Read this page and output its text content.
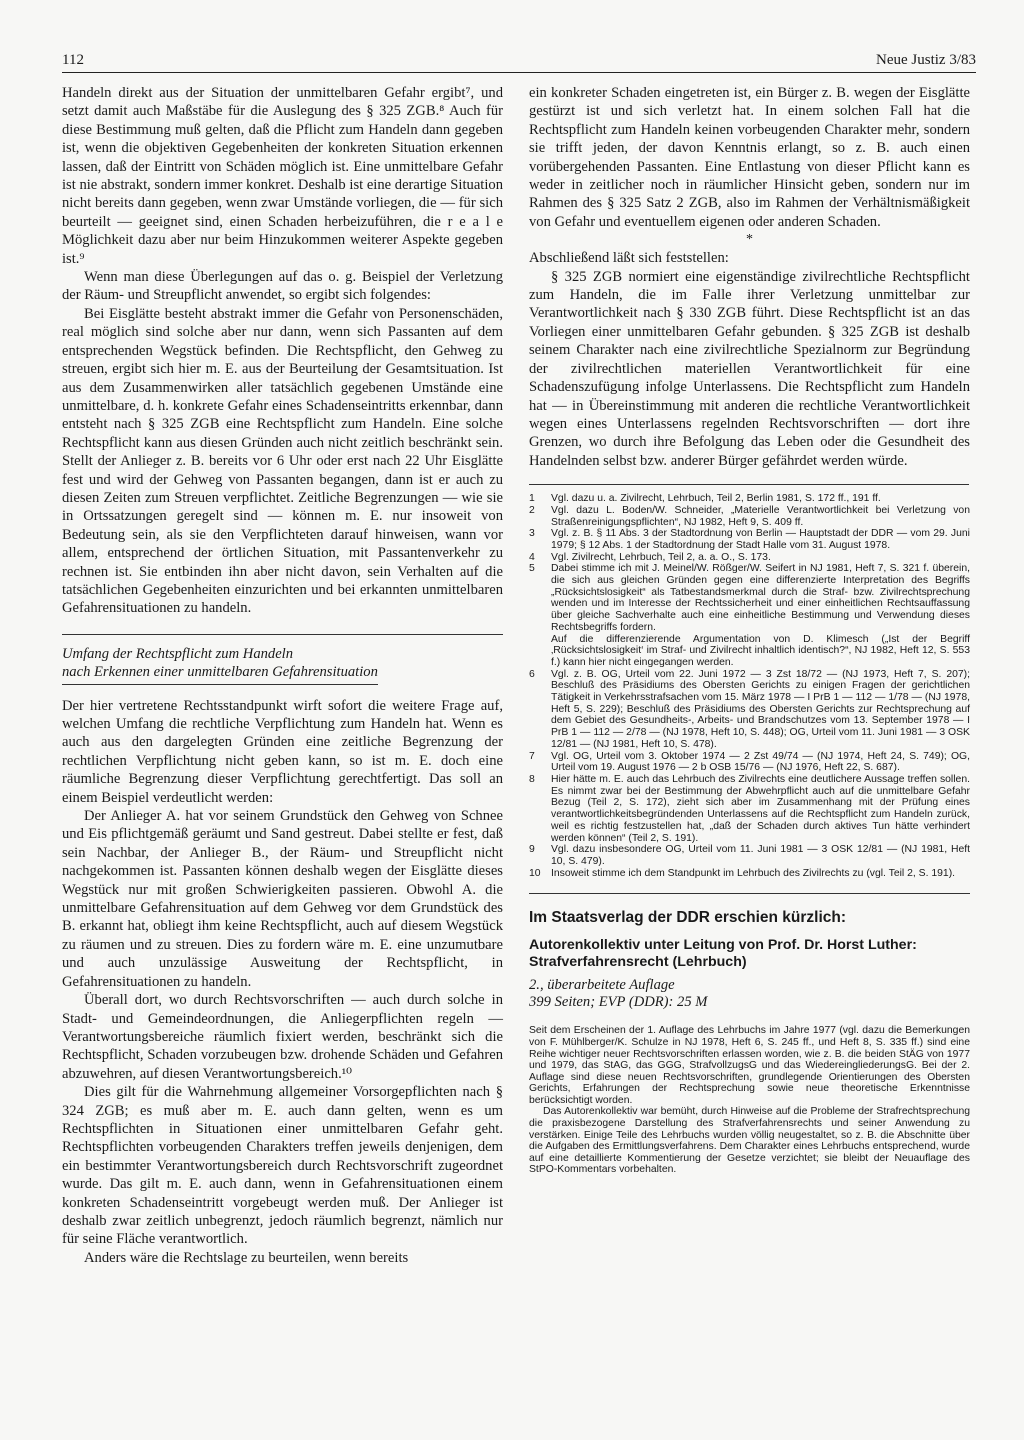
112	Neue Justiz 3/83

Handeln direkt aus der Situation der unmittelbaren Gefahr ergibt⁷, und setzt damit auch Maßstäbe für die Auslegung des § 325 ZGB.⁸ Auch für diese Bestimmung muß gelten, daß die Pflicht zum Handeln dann gegeben ist, wenn die objektiven Gegebenheiten der konkreten Situation erkennen lassen, daß der Eintritt von Schäden möglich ist. Eine unmittelbare Gefahr ist nie abstrakt, sondern immer konkret. Deshalb ist eine derartige Situation nicht bereits dann gegeben, wenn zwar Umstände vorliegen, die — für sich beurteilt — geeignet sind, einen Schaden herbeizuführen, die r e a l e Möglichkeit dazu aber nur beim Hinzukommen weiterer Aspekte gegeben ist.⁹

Wenn man diese Überlegungen auf das o. g. Beispiel der Verletzung der Räum- und Streupflicht anwendet, so ergibt sich folgendes:

Bei Eisglätte besteht abstrakt immer die Gefahr von Personenschäden, real möglich sind solche aber nur dann, wenn sich Passanten auf dem entsprechenden Wegstück befinden. Die Rechtspflicht, den Gehweg zu streuen, ergibt sich hier m. E. aus der Beurteilung der Gesamtsituation. Ist aus dem Zusammenwirken aller tatsächlich gegebenen Umstände eine unmittelbare, d. h. konkrete Gefahr eines Schadenseintritts erkennbar, dann entsteht nach § 325 ZGB eine Rechtspflicht zum Handeln. Eine solche Rechtspflicht kann aus diesen Gründen auch nicht zeitlich beschränkt sein. Stellt der Anlieger z. B. bereits vor 6 Uhr oder erst nach 22 Uhr Eisglätte fest und wird der Gehweg von Passanten begangen, dann ist er auch zu diesen Zeiten zum Streuen verpflichtet. Zeitliche Begrenzungen — wie sie in Ortssatzungen geregelt sind — können m. E. nur insoweit von Bedeutung sein, als sie den Verpflichteten darauf hinweisen, wann vor allem, entsprechend der örtlichen Situation, mit Passantenverkehr zu rechnen ist. Sie entbinden ihn aber nicht davon, sein Verhalten auf die tatsächlichen Gegebenheiten einzurichten und bei erkannten unmittelbaren Gefahrensituationen zu handeln.

Umfang der Rechtspflicht zum Handeln
nach Erkennen einer unmittelbaren Gefahrensituation

Der hier vertretene Rechtsstandpunkt wirft sofort die weitere Frage auf, welchen Umfang die rechtliche Verpflichtung zum Handeln hat. Wenn es auch aus den dargelegten Gründen eine zeitliche Begrenzung der rechtlichen Verpflichtung nicht geben kann, so ist m. E. doch eine räumliche Begrenzung dieser Verpflichtung gerechtfertigt. Das soll an einem Beispiel verdeutlicht werden:

Der Anlieger A. hat vor seinem Grundstück den Gehweg von Schnee und Eis pflichtgemäß geräumt und Sand gestreut. Dabei stellte er fest, daß sein Nachbar, der Anlieger B., der Räum- und Streupflicht nicht nachgekommen ist. Passanten können deshalb wegen der Eisglätte dieses Wegstück nur mit großen Schwierigkeiten passieren. Obwohl A. die unmittelbare Gefahrensituation auf dem Gehweg vor dem Grundstück des B. erkannt hat, obliegt ihm keine Rechtspflicht, auch auf diesem Wegstück zu räumen und zu streuen. Dies zu fordern wäre m. E. eine unzumutbare und auch unzulässige Ausweitung der Rechtspflicht, in Gefahrensituationen zu handeln.

Überall dort, wo durch Rechtsvorschriften — auch durch solche in Stadt- und Gemeindeordnungen, die Anliegerpflichten regeln — Verantwortungsbereiche räumlich fixiert werden, beschränkt sich die Rechtspflicht, Schaden vorzubeugen bzw. drohende Schäden und Gefahren abzuwehren, auf diesen Verantwortungsbereich.¹⁰

Dies gilt für die Wahrnehmung allgemeiner Vorsorgepflichten nach § 324 ZGB; es muß aber m. E. auch dann gelten, wenn es um Rechtspflichten in Situationen einer unmittelbaren Gefahr geht. Rechtspflichten vorbeugenden Charakters treffen jeweils denjenigen, dem ein bestimmter Verantwortungsbereich durch Rechtsvorschrift zugeordnet wurde. Das gilt m. E. auch dann, wenn in Gefahrensituationen einem konkreten Schadenseintritt vorgebeugt werden muß. Der Anlieger ist deshalb zwar zeitlich unbegrenzt, jedoch räumlich begrenzt, nämlich nur für seine Fläche verantwortlich.

Anders wäre die Rechtslage zu beurteilen, wenn bereits

ein konkreter Schaden eingetreten ist, ein Bürger z. B. wegen der Eisglätte gestürzt ist und sich verletzt hat. In einem solchen Fall hat die Rechtspflicht zum Handeln keinen vorbeugenden Charakter mehr, sondern sie trifft jeden, der davon Kenntnis erlangt, so z. B. auch einen vorübergehenden Passanten. Eine Entlastung von dieser Pflicht kann es weder in zeitlicher noch in räumlicher Hinsicht geben, sondern nur im Rahmen des § 325 Satz 2 ZGB, also im Rahmen der Verhältnismäßigkeit von Gefahr und eventuellem eigenen oder anderen Schaden.

*
Abschließend läßt sich feststellen:

§ 325 ZGB normiert eine eigenständige zivilrechtliche Rechtspflicht zum Handeln, die im Falle ihrer Verletzung unmittelbar zur Verantwortlichkeit nach § 330 ZGB führt. Diese Rechtspflicht ist an das Vorliegen einer unmittelbaren Gefahr gebunden. § 325 ZGB ist deshalb seinem Charakter nach eine zivilrechtliche Spezialnorm zur Begründung der zivilrechtlichen materiellen Verantwortlichkeit für eine Schadenszufügung infolge Unterlassens. Die Rechtspflicht zum Handeln hat — in Übereinstimmung mit anderen die rechtliche Verantwortlichkeit wegen eines Unterlassens regelnden Rechtsvorschriften — dort ihre Grenzen, wo durch ihre Befolgung das Leben oder die Gesundheit des Handelnden selbst bzw. anderer Bürger gefährdet werden würde.

1	Vgl. dazu u. a. Zivilrecht, Lehrbuch, Teil 2, Berlin 1981, S. 172 ff., 191 ff.
2	Vgl. dazu L. Boden/W. Schneider, „Materielle Verantwortlichkeit bei Verletzung von Straßenreinigungspflichten“, NJ 1982, Heft 9, S. 409 ff.
3	Vgl. z. B. § 11 Abs. 3 der Stadtordnung von Berlin — Hauptstadt der DDR — vom 29. Juni 1979; § 12 Abs. 1 der Stadtordnung der Stadt Halle vom 31. August 1978.
4	Vgl. Zivilrecht, Lehrbuch, Teil 2, a. a. O., S. 173.
5	Dabei stimme ich mit J. Meinel/W. Rößger/W. Seifert in NJ 1981, Heft 7, S. 321 f. überein, die sich aus gleichen Gründen gegen eine differenzierte Interpretation des Begriffs „Rücksichtslosigkeit“ als Tatbestandsmerkmal durch die Straf- bzw. Zivilrechtsprechung wenden und im Interesse der Rechtssicherheit und einer einheitlichen Rechtsauffassung über gleiche Sachverhalte auch eine einheitliche Bestimmung und Verwendung dieses Rechtsbegriffs fordern.
Auf die differenzierende Argumentation von D. Klimesch („Ist der Begriff ‚Rücksichtslosigkeit‘ im Straf- und Zivilrecht inhaltlich identisch?“, NJ 1982, Heft 12, S. 553 f.) kann hier nicht eingegangen werden.
6	Vgl. z. B. OG, Urteil vom 22. Juni 1972 — 3 Zst 18/72 — (NJ 1973, Heft 7, S. 207); Beschluß des Präsidiums des Obersten Gerichts zu einigen Fragen der gerichtlichen Tätigkeit in Verkehrsstrafsachen vom 15. März 1978 — I PrB 1 — 112 — 1/78 — (NJ 1978, Heft 5, S. 229); Beschluß des Präsidiums des Obersten Gerichts zur Rechtsprechung auf dem Gebiet des Gesundheits-, Arbeits- und Brandschutzes vom 13. September 1978 — I PrB 1 — 112 — 2/78 — (NJ 1978, Heft 10, S. 448); OG, Urteil vom 11. Juni 1981 — 3 OSK 12/81 — (NJ 1981, Heft 10, S. 478).
7	Vgl. OG, Urteil vom 3. Oktober 1974 — 2 Zst 49/74 — (NJ 1974, Heft 24, S. 749); OG, Urteil vom 19. August 1976 — 2 b OSB 15/76 — (NJ 1976, Heft 22, S. 687).
8	Hier hätte m. E. auch das Lehrbuch des Zivilrechts eine deutlichere Aussage treffen sollen. Es nimmt zwar bei der Bestimmung der Abwehrpflicht auch auf die unmittelbare Gefahr Bezug (Teil 2, S. 172), zieht sich aber im Zusammenhang mit der Prüfung eines verantwortlichkeitsbegründenden Unterlassens auf die Rechtspflicht zum Handeln zurück, weil es richtig festzustellen hat, „daß der Schaden durch aktives Tun hätte verhindert werden können“ (Teil 2, S. 191).
9	Vgl. dazu insbesondere OG, Urteil vom 11. Juni 1981 — 3 OSK 12/81 — (NJ 1981, Heft 10, S. 479).
10	Insoweit stimme ich dem Standpunkt im Lehrbuch des Zivilrechts zu (vgl. Teil 2, S. 191).
Im Staatsverlag der DDR erschien kürzlich:
Autorenkollektiv unter Leitung von Prof. Dr. Horst Luther: Strafverfahrensrecht (Lehrbuch)
2., überarbeitete Auflage
399 Seiten; EVP (DDR): 25 M
Seit dem Erscheinen der 1. Auflage des Lehrbuchs im Jahre 1977 (vgl. dazu die Bemerkungen von F. Mühlberger/K. Schulze in NJ 1978, Heft 6, S. 245 ff., und Heft 8, S. 335 ff.) sind eine Reihe wichtiger neuer Rechtsvorschriften erlassen worden, wie z. B. die beiden StÄG von 1977 und 1979, das StAG, das GGG, StrafvollzugsG und das WiedereingliederungsG. Bei der 2. Auflage sind diese neuen Rechtsvorschriften, grundlegende Orientierungen des Obersten Gerichts, Erfahrungen der Rechtsprechung sowie neue theoretische Erkenntnisse berücksichtigt worden.
Das Autorenkollektiv war bemüht, durch Hinweise auf die Probleme der Strafrechtsprechung die praxisbezogene Darstellung des Strafverfahrensrechts und seiner Anwendung zu verstärken. Einige Teile des Lehrbuchs wurden völlig neugestaltet, so z. B. die Abschnitte über die Aufgaben des Ermittlungsverfahrens. Dem Charakter eines Lehrbuchs entsprechend, wurde auf eine detaillierte Kommentierung der Gesetze verzichtet; sie bleibt der Neuauflage des StPO-Kommentars vorbehalten.
